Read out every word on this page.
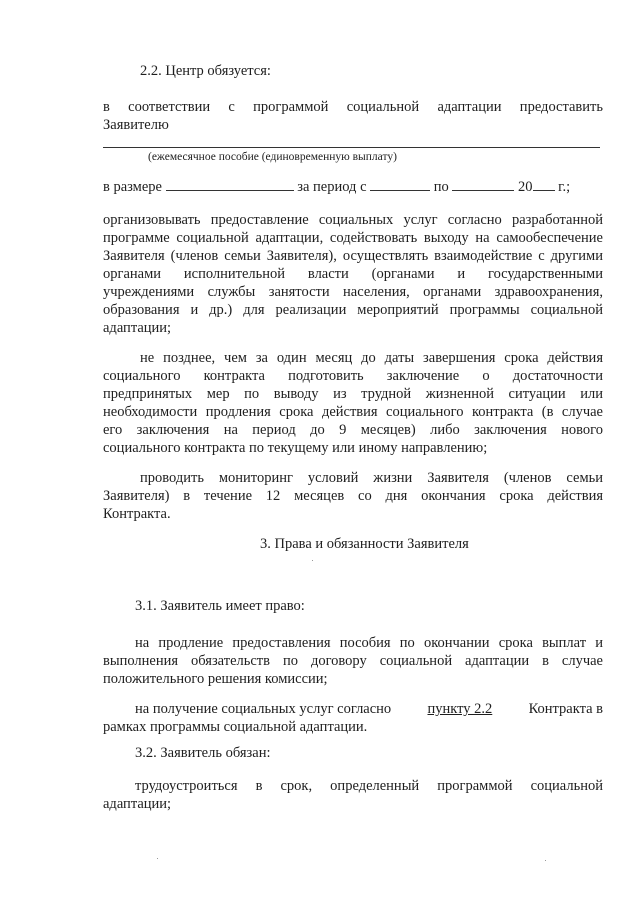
2.2. Центр обязуется:
в соответствии с программой социальной адаптации предоставить
Заявителю
(ежемесячное пособие (единовременную выплату)
в размере	за период с	по	20 г.;
организовывать предоставление социальных услуг согласно разработанной
программе социальной адаптации, содействовать выходу на самообеспечение
Заявителя (членов семьи Заявителя), осуществлять взаимодействие с другими
органами исполнительной власти (органами и государственными
учреждениями службы занятости населения, органами здравоохранения,
образования и др.) для реализации мероприятий программы социальной
адаптации;
не позднее, чем за один месяц до даты завершения срока действия
социального контракта подготовить заключение о достаточности
предпринятых мер по выводу из трудной жизненной ситуации или
необходимости продления срока действия социального контракта (в случае
его заключения на период до 9 месяцев) либо заключения нового
социального контракта по текущему или иному направлению;
проводить мониторинг условий жизни Заявителя (членов семьи
Заявителя) в течение 12 месяцев со дня окончания срока действия
Контракта.
3. Права и обязанности Заявителя
3.1. Заявитель имеет право:
на продление предоставления пособия по окончании срока выплат и
выполнения обязательств по договору социальной адаптации в случае
положительного решения комиссии;
на получение социальных услуг согласно	пункту 2.2	Контракта в
рамках программы социальной адаптации.
3.2. Заявитель обязан:
трудоустроиться в срок, определенный программой социальной
адаптации;
